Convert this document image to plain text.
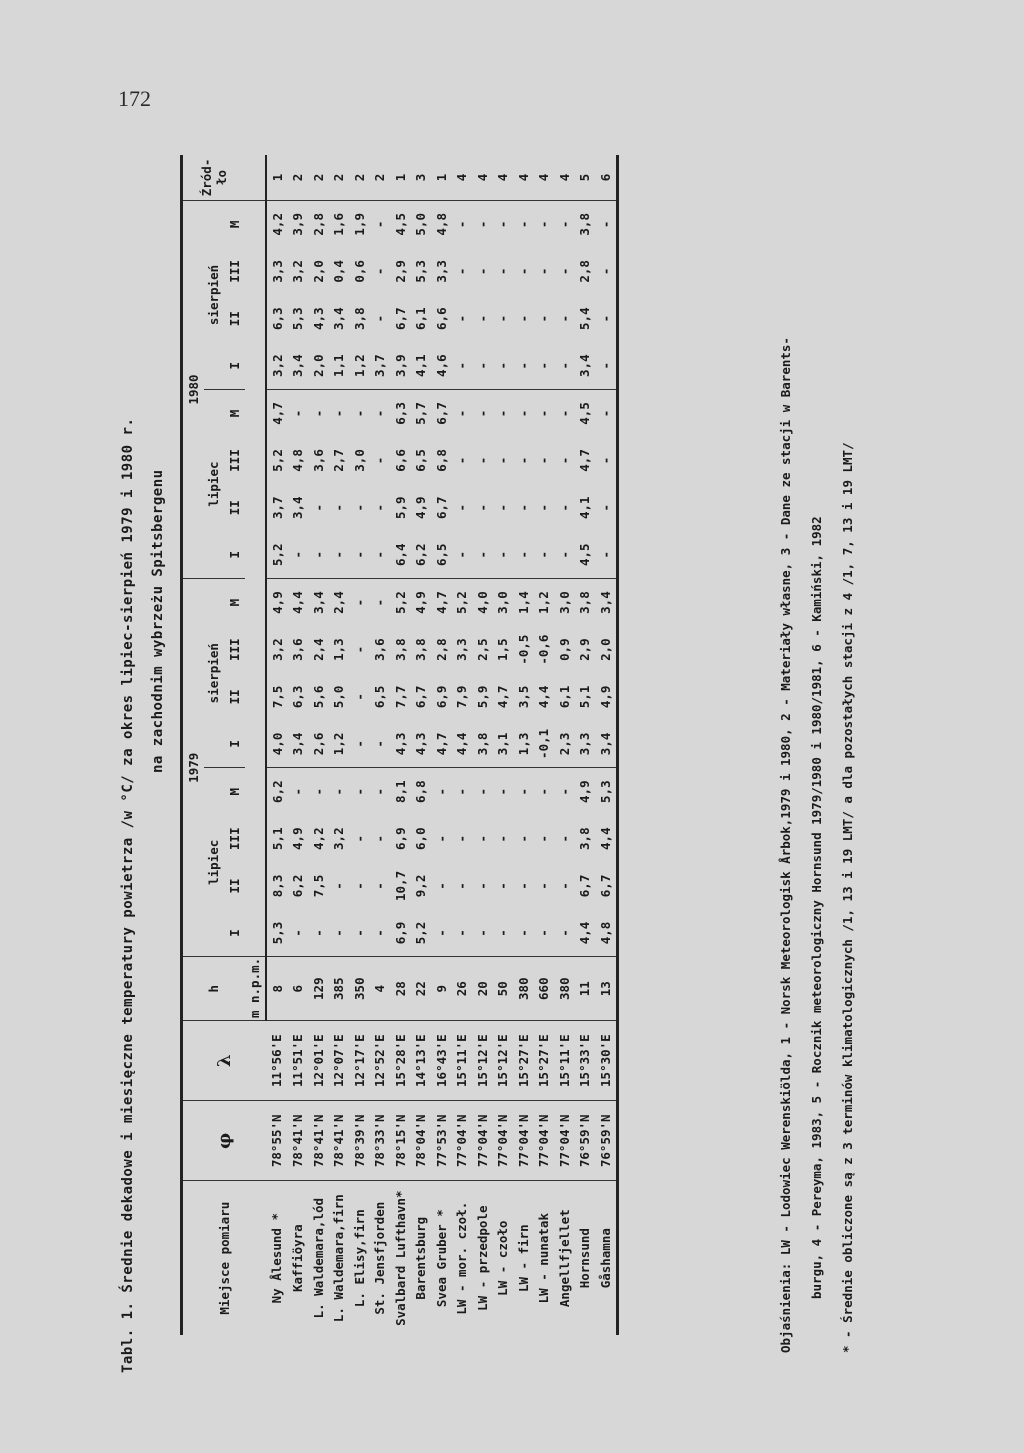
172
Tabl. 1. Średnie dekadowe i miesięczne temperatury powietrza /w °C/ za okres lipiec-sierpień 1979 i 1980 r. na zachodnim wybrzeżu Spitsbergenu
Miejsce pomiaru	φ	λ	h	1979								1980								Źród-
ło
				lipiec				sierpień				lipiec				sierpień				
				I	II	III	M	I	II	III	M	I	II	III	M	I	II	III	M	
			m n.p.m.																	
Ny Ålesund *	78°55'N	11°56'E	8	5,3	8,3	5,1	6,2	4,0	7,5	3,2	4,9	5,2	3,7	5,2	4,7	3,2	6,3	3,3	4,2	1
Kaffiöyra	78°41'N	11°51'E	6	-	6,2	4,9	-	3,4	6,3	3,6	4,4	-	3,4	4,8	-	3,4	5,3	3,2	3,9	2
L. Waldemara,lód	78°41'N	12°01'E	129	-	7,5	4,2	-	2,6	5,6	2,4	3,4	-	-	3,6	-	2,0	4,3	2,0	2,8	2
L. Waldemara,firn	78°41'N	12°07'E	385	-	-	3,2	-	1,2	5,0	1,3	2,4	-	-	2,7	-	1,1	3,4	0,4	1,6	2
L. Elisy,firn	78°39'N	12°17'E	350	-	-	-	-	-	-	-	-	-	-	3,0	-	1,2	3,8	0,6	1,9	2
St. Jensfjorden	78°33'N	12°52'E	4	-	-	-	-	-	6,5	3,6	-	-	-	-	-	3,7	-	-	-	2
Svalbard Lufthavn*	78°15'N	15°28'E	28	6,9	10,7	6,9	8,1	4,3	7,7	3,8	5,2	6,4	5,9	6,6	6,3	3,9	6,7	2,9	4,5	1
Barentsburg	78°04'N	14°13'E	22	5,2	9,2	6,0	6,8	4,3	6,7	3,8	4,9	6,2	4,9	6,5	5,7	4,1	6,1	5,3	5,0	3
Svea Gruber *	77°53'N	16°43'E	9	-	-	-	-	4,7	6,9	2,8	4,7	6,5	6,7	6,8	6,7	4,6	6,6	3,3	4,8	1
LW - mor. czoł.	77°04'N	15°11'E	26	-	-	-	-	4,4	7,9	3,3	5,2	-	-	-	-	-	-	-	-	4
LW - przedpole	77°04'N	15°12'E	20	-	-	-	-	3,8	5,9	2,5	4,0	-	-	-	-	-	-	-	-	4
LW - czoło	77°04'N	15°12'E	50	-	-	-	-	3,1	4,7	1,5	3,0	-	-	-	-	-	-	-	-	4
LW - firn	77°04'N	15°27'E	380	-	-	-	-	1,3	3,5	-0,5	1,4	-	-	-	-	-	-	-	-	4
LW - nunatak	77°04'N	15°27'E	660	-	-	-	-	-0,1	4,4	-0,6	1,2	-	-	-	-	-	-	-	-	4
Angellfjellet	77°04'N	15°11'E	380	-	-	-	-	2,3	6,1	0,9	3,0	-	-	-	-	-	-	-	-	4
Hornsund	76°59'N	15°33'E	11	4,4	6,7	3,8	4,9	3,3	5,1	2,9	3,8	4,5	4,1	4,7	4,5	3,4	5,4	2,8	3,8	5
Gåshamna	76°59'N	15°30'E	13	4,8	6,7	4,4	5,3	3,4	4,9	2,0	3,4	-	-	-	-	-	-	-	-	6
Objaśnienia: LW - Lodowiec Werenskiölda, 1 - Norsk Meteorologisk Årbok,1979 i 1980, 2 - Materiały własne, 3 - Dane ze stacji w Barents-	burgu, 4 - Pereyma, 1983, 5 - Rocznik meteorologiczny Hornsund 1979/1980 i 1980/1981, 6 - Kamiński, 1982	* - Średnie obliczone są z 3 terminów klimatologicznych /1, 13 i 19 LMT/ a dla pozostałych stacji z 4 /1, 7, 13 i 19 LMT/
